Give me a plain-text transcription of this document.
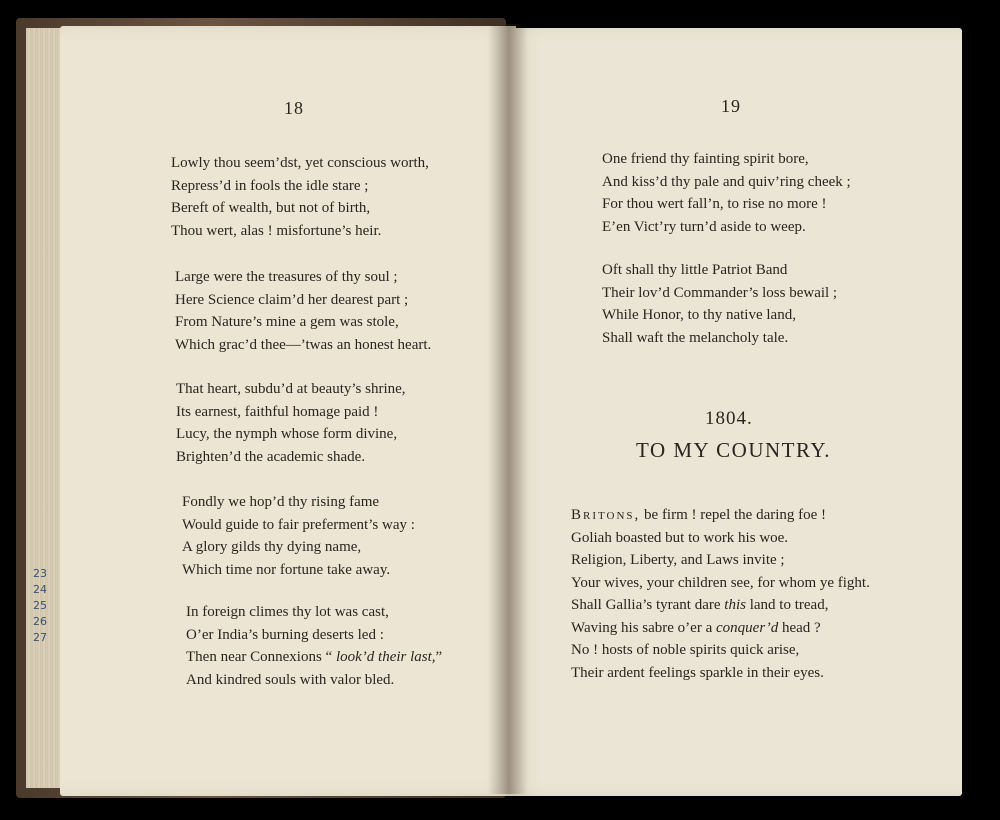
18
Lowly thou seem’dst, yet conscious worth,
Repress’d in fools the idle stare ;
Bereft of wealth, but not of birth,
Thou wert, alas ! misfortune’s heir.
Large were the treasures of thy soul ;
Here Science claim’d her dearest part ;
From Nature’s mine a gem was stole,
Which grac’d thee—’twas an honest heart.
That heart, subdu’d at beauty’s shrine,
Its earnest, faithful homage paid !
Lucy, the nymph whose form divine,
Brighten’d the academic shade.
Fondly we hop’d thy rising fame
Would guide to fair preferment’s way :
A glory gilds thy dying name,
Which time nor fortune take away.
In foreign climes thy lot was cast,
O’er India’s burning deserts led :
Then near Connexions “ look’d their last,”
And kindred souls with valor bled.
19
One friend thy fainting spirit bore,
And kiss’d thy pale and quiv’ring cheek ;
For thou wert fall’n, to rise no more !
E’en Vict’ry turn’d aside to weep.
Oft shall thy little Patriot Band
Their lov’d Commander’s loss bewail ;
While Honor, to thy native land,
Shall waft the melancholy tale.
1804.
TO MY COUNTRY.
Britons, be firm ! repel the daring foe !
Goliah boasted but to work his woe.
Religion, Liberty, and Laws invite ;
Your wives, your children see, for whom ye fight.
Shall Gallia’s tyrant dare this land to tread,
Waving his sabre o’er a conquer’d head ?
No ! hosts of noble spirits quick arise,
Their ardent feelings sparkle in their eyes.
23
24
25
26
27
